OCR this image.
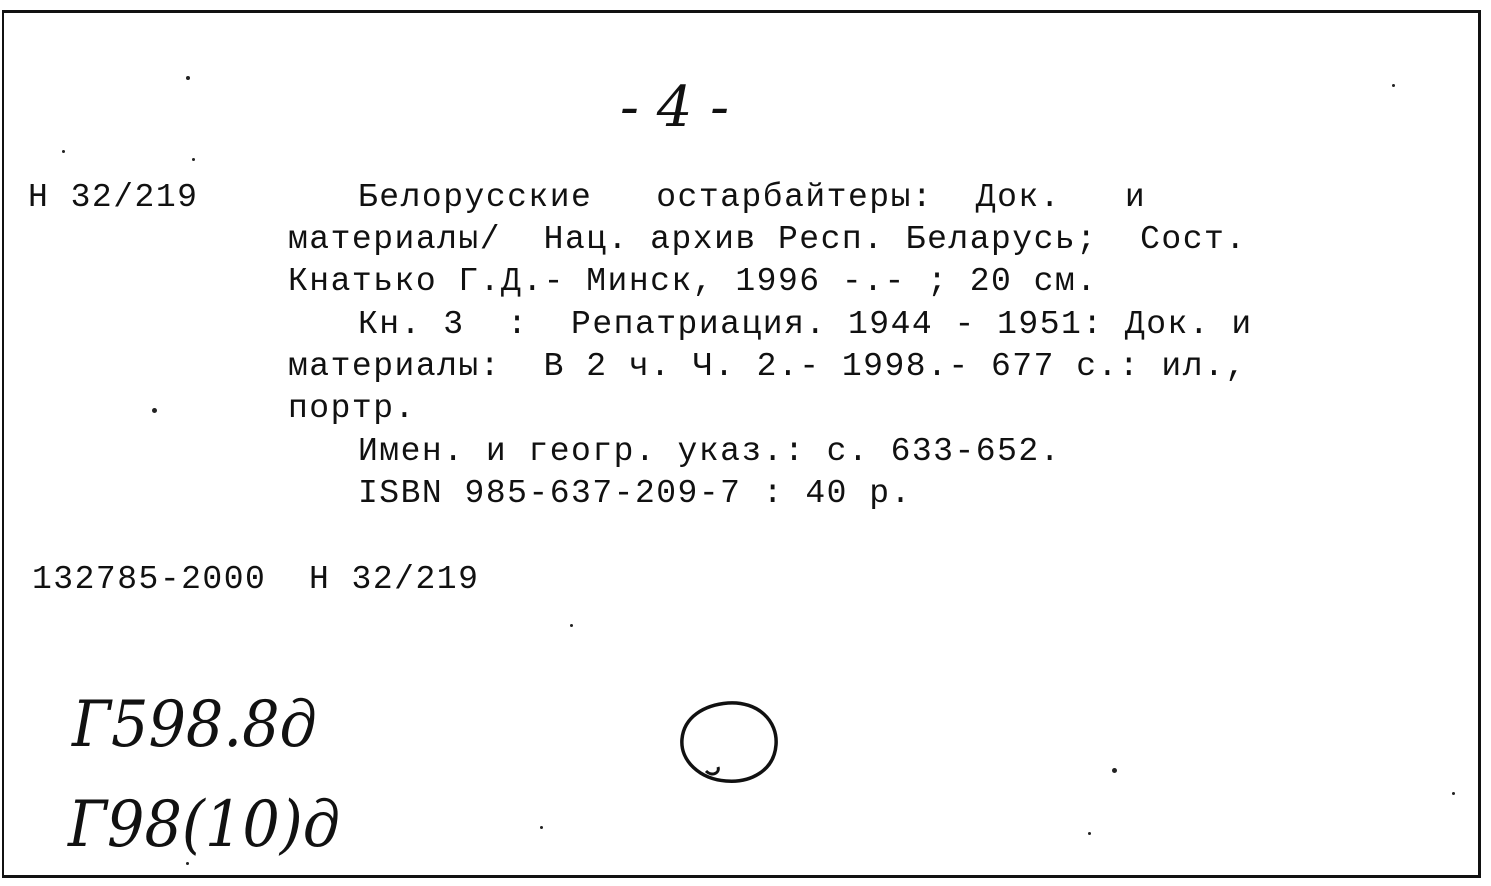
- 4 -
Н 32/219	Белорусские   остарбайтеры:  Док.   и
материалы/  Нац. архив Респ. Беларусь;  Сост.
Кнатько Г.Д.- Минск, 1996 -.- ; 20 см.
Кн. 3  :  Репатриация. 1944 - 1951: Док. и
материалы:  В 2 ч. Ч. 2.- 1998.- 677 с.: ил.,
портр.
Имен. и геогр. указ.: с. 633-652.
ISBN 985-637-209-7 : 40 р.
132785-2000  Н 32/219
Г598.8д
Г98(10)д
